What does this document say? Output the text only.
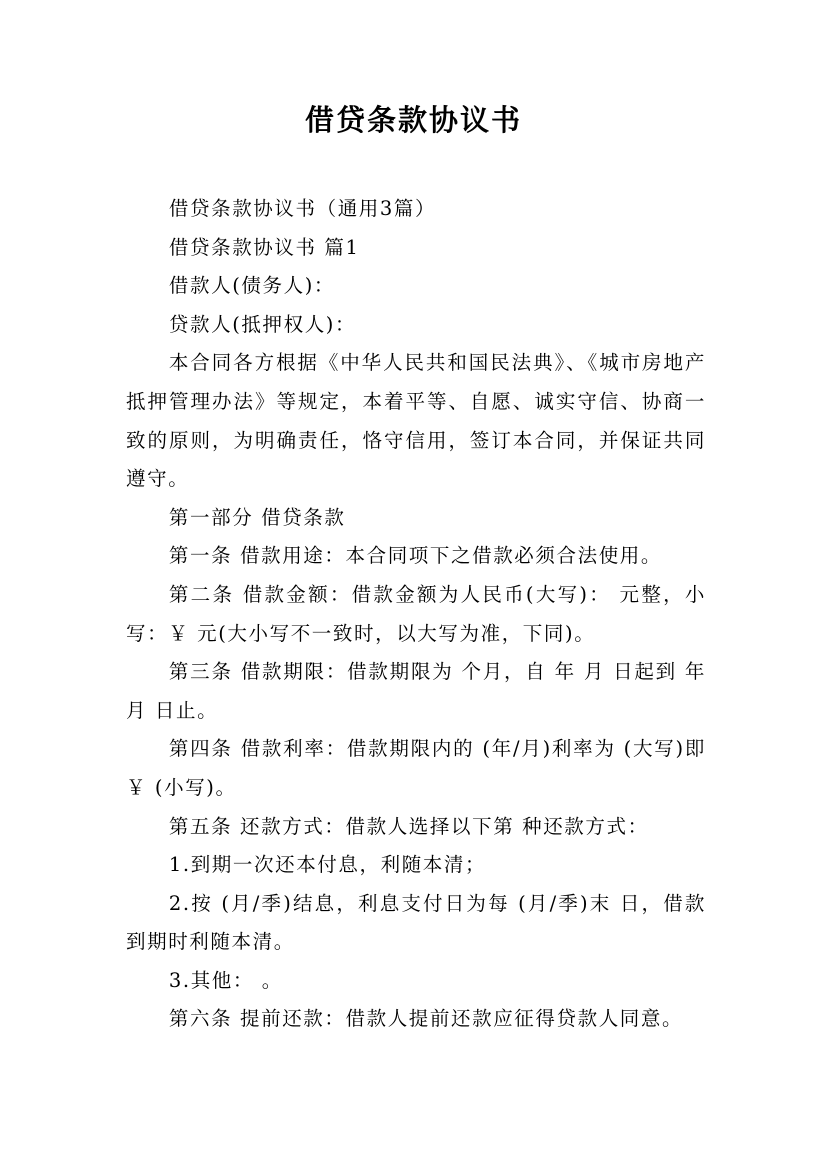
借贷条款协议书

借贷条款协议书（通用3篇）

借贷条款协议书 篇1

借款人(债务人)：

贷款人(抵押权人)：

本合同各方根据《中华人民共和国民法典》、《城市房地产抵押管理办法》等规定，本着平等、自愿、诚实守信、协商一致的原则，为明确责任，恪守信用，签订本合同，并保证共同遵守。

第一部分 借贷条款

第一条 借款用途：本合同项下之借款必须合法使用。

第二条 借款金额：借款金额为人民币(大写)： 元整，小写：￥ 元(大小写不一致时，以大写为准，下同)。

第三条 借款期限：借款期限为 个月，自 年 月 日起到 年 月 日止。

第四条 借款利率：借款期限内的 (年/月)利率为 (大写)即￥ (小写)。

第五条 还款方式：借款人选择以下第 种还款方式：

1.到期一次还本付息，利随本清；

2.按 (月/季)结息，利息支付日为每 (月/季)末 日，借款到期时利随本清。

3.其他： 。

第六条 提前还款：借款人提前还款应征得贷款人同意。
